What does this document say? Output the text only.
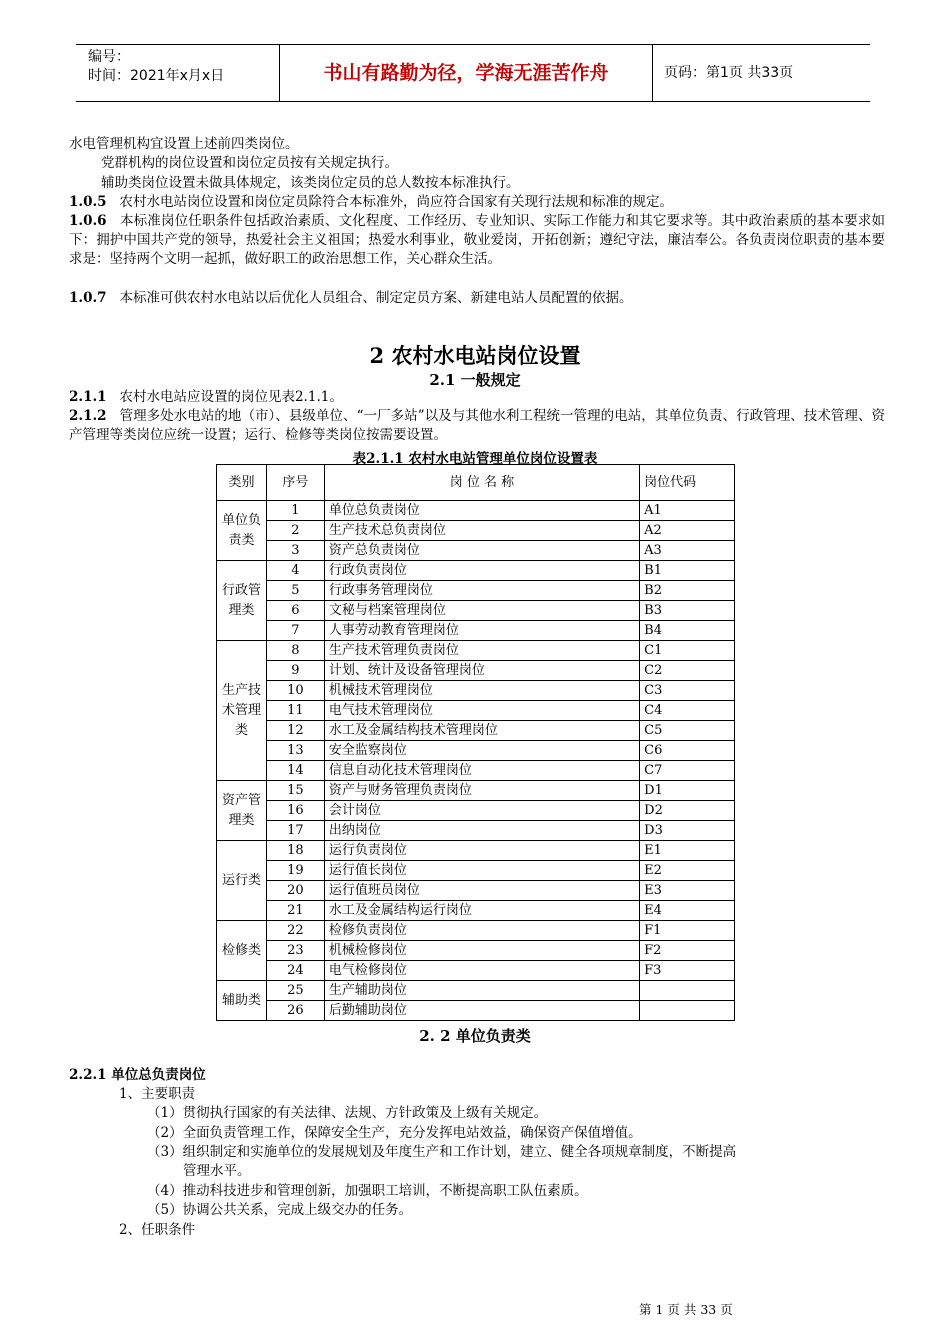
编号：
时间：2021年x月x日	书山有路勤为径，学海无涯苦作舟	页码：第1页 共33页
水电管理机构宜设置上述前四类岗位。
党群机构的岗位设置和岗位定员按有关规定执行。
辅助类岗位设置未做具体规定，该类岗位定员的总人数按本标准执行。
1.0.5 农村水电站岗位设置和岗位定员除符合本标准外，尚应符合国家有关现行法规和标准的规定。
1.0.6 本标准岗位任职条件包括政治素质、文化程度、工作经历、专业知识、实际工作能力和其它要求等。其中政治素质的基本要求如下：拥护中国共产党的领导，热爱社会主义祖国；热爱水利事业，敬业爱岗，开拓创新；遵纪守法，廉洁奉公。各负责岗位职责的基本要求是：坚持两个文明一起抓，做好职工的政治思想工作，关心群众生活。
1.0.7 本标准可供农村水电站以后优化人员组合、制定定员方案、新建电站人员配置的依据。
2 农村水电站岗位设置
2.1 一般规定
2.1.1 农村水电站应设置的岗位见表2.1.1。
2.1.2 管理多处水电站的地（市）、县级单位、“一厂多站”以及与其他水利工程统一管理的电站，其单位负责、行政管理、技术管理、资产管理等类岗位应统一设置；运行、检修等类岗位按需要设置。
表2.1.1 农村水电站管理单位岗位设置表
类别	序号	岗 位 名 称	岗位代码
单位负责类	1	单位总负责岗位	A1
	2	生产技术总负责岗位	A2
	3	资产总负责岗位	A3
行政管理类	4	行政负责岗位	B1
	5	行政事务管理岗位	B2
	6	文秘与档案管理岗位	B3
	7	人事劳动教育管理岗位	B4
生产技术管理类	8	生产技术管理负责岗位	C1
	9	计划、统计及设备管理岗位	C2
	10	机械技术管理岗位	C3
	11	电气技术管理岗位	C4
	12	水工及金属结构技术管理岗位	C5
	13	安全监察岗位	C6
	14	信息自动化技术管理岗位	C7
资产管理类	15	资产与财务管理负责岗位	D1
	16	会计岗位	D2
	17	出纳岗位	D3
运行类	18	运行负责岗位	E1
	19	运行值长岗位	E2
	20	运行值班员岗位	E3
	21	水工及金属结构运行岗位	E4
检修类	22	检修负责岗位	F1
	23	机械检修岗位	F2
	24	电气检修岗位	F3
辅助类	25	生产辅助岗位	
	26	后勤辅助岗位	
2. 2 单位负责类
2.2.1 单位总负责岗位
1、主要职责
（1）贯彻执行国家的有关法律、法规、方针政策及上级有关规定。
（2）全面负责管理工作，保障安全生产，充分发挥电站效益，确保资产保值增值。
（3）组织制定和实施单位的发展规划及年度生产和工作计划，建立、健全各项规章制度，不断提高
管理水平。
（4）推动科技进步和管理创新，加强职工培训，不断提高职工队伍素质。
（5）协调公共关系，完成上级交办的任务。
2、任职条件
第 1 页 共 33 页
